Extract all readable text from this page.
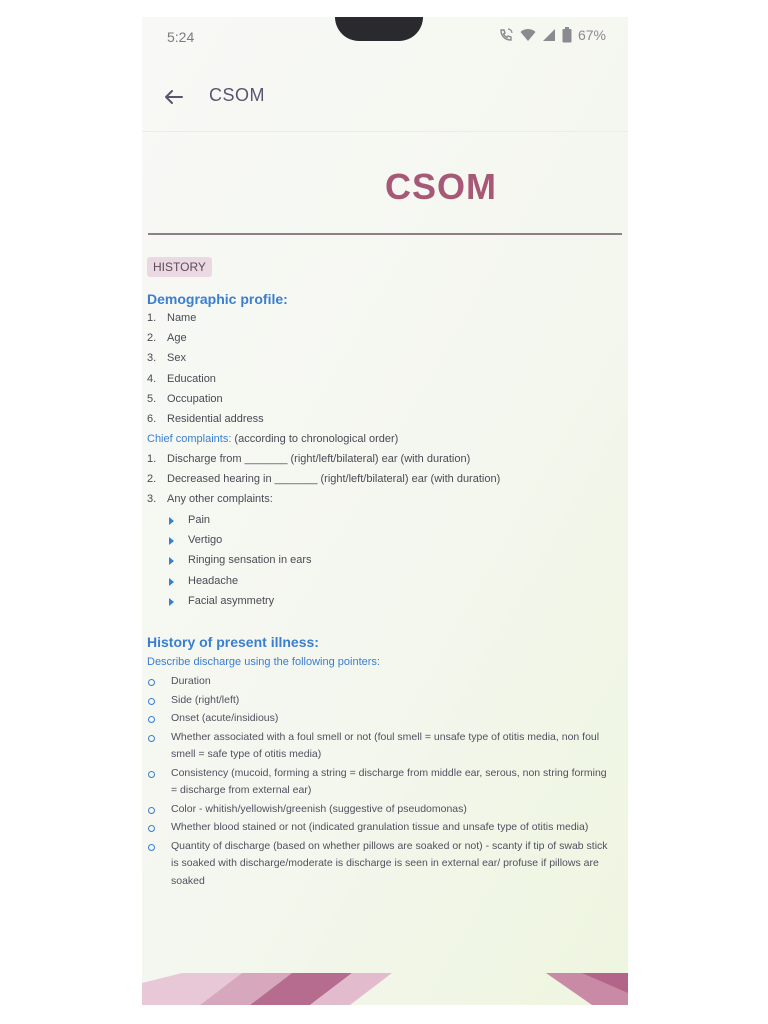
5:24	67%
CSOM
CSOM
HISTORY
Demographic profile:
1. Name
2. Age
3. Sex
4. Education
5. Occupation
6. Residential address
Chief complaints: (according to chronological order)
1. Discharge from _______ (right/left/bilateral) ear (with duration)
2. Decreased hearing in _______ (right/left/bilateral) ear (with duration)
3. Any other complaints:
Pain
Vertigo
Ringing sensation in ears
Headache
Facial asymmetry
History of present illness:
Describe discharge using the following pointers:
Duration
Side (right/left)
Onset (acute/insidious)
Whether associated with a foul smell or not (foul smell = unsafe type of otitis media, non foul smell = safe type of otitis media)
Consistency (mucoid, forming a string = discharge from middle ear, serous, non string forming = discharge from external ear)
Color - whitish/yellowish/greenish (suggestive of pseudomonas)
Whether blood stained or not (indicated granulation tissue and unsafe type of otitis media)
Quantity of discharge (based on whether pillows are soaked or not) - scanty if tip of swab stick is soaked with discharge/moderate is discharge is seen in external ear/ profuse if pillows are soaked
